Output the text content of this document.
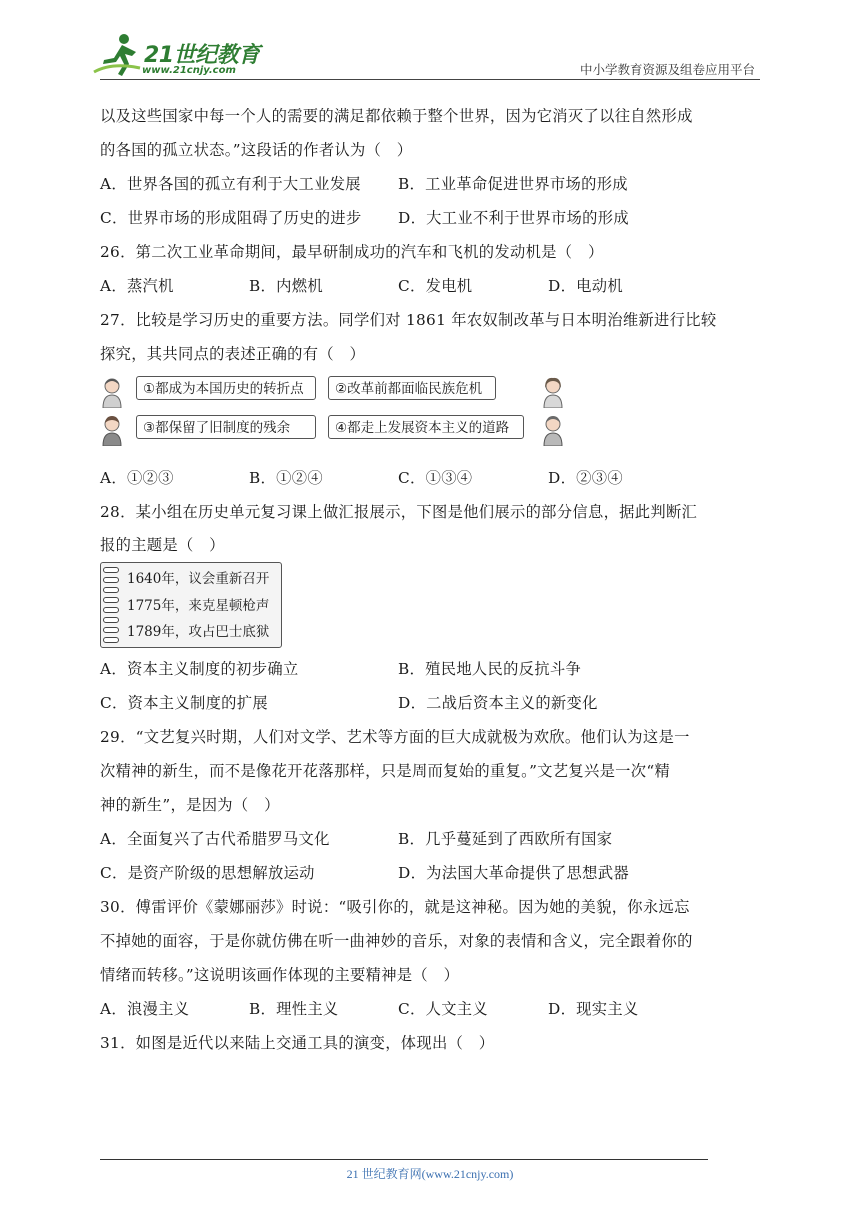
21世纪教育
www.21cnjy.com	中小学教育资源及组卷应用平台
以及这些国家中每一个人的需要的满足都依赖于整个世界，因为它消灭了以往自然形成
的各国的孤立状态。”这段话的作者认为（　）
A．世界各国的孤立有利于大工业发展 B．工业革命促进世界市场的形成
C．世界市场的形成阻碍了历史的进步 D．大工业不利于世界市场的形成
26．第二次工业革命期间，最早研制成功的汽车和飞机的发动机是（　）
A．蒸汽机	B．内燃机	C．发电机	D．电动机
27．比较是学习历史的重要方法。同学们对 1861 年农奴制改革与日本明治维新进行比较
探究，其共同点的表述正确的有（　）
①都成为本国历史的转折点	②改革前都面临民族危机
③都保留了旧制度的残余	④都走上发展资本主义的道路
A．①②③	B．①②④	C．①③④	D．②③④
28．某小组在历史单元复习课上做汇报展示，下图是他们展示的部分信息，据此判断汇
报的主题是（　）
1640年，议会重新召开
1775年，来克星顿枪声
1789年，攻占巴士底狱
A．资本主义制度的初步确立	B．殖民地人民的反抗斗争
C．资本主义制度的扩展	D．二战后资本主义的新变化
29．“文艺复兴时期，人们对文学、艺术等方面的巨大成就极为欢欣。他们认为这是一
次精神的新生，而不是像花开花落那样，只是周而复始的重复。”文艺复兴是一次“精
神的新生”，是因为（　）
A．全面复兴了古代希腊罗马文化	B．几乎蔓延到了西欧所有国家
C．是资产阶级的思想解放运动	D．为法国大革命提供了思想武器
30．傅雷评价《蒙娜丽莎》时说：“吸引你的，就是这神秘。因为她的美貌，你永远忘
不掉她的面容，于是你就仿佛在听一曲神妙的音乐，对象的表情和含义，完全跟着你的
情绪而转移。”这说明该画作体现的主要精神是（　）
A．浪漫主义	B．理性主义	C．人文主义	D．现实主义
31．如图是近代以来陆上交通工具的演变，体现出（　）
21 世纪教育网(www.21cnjy.com)
